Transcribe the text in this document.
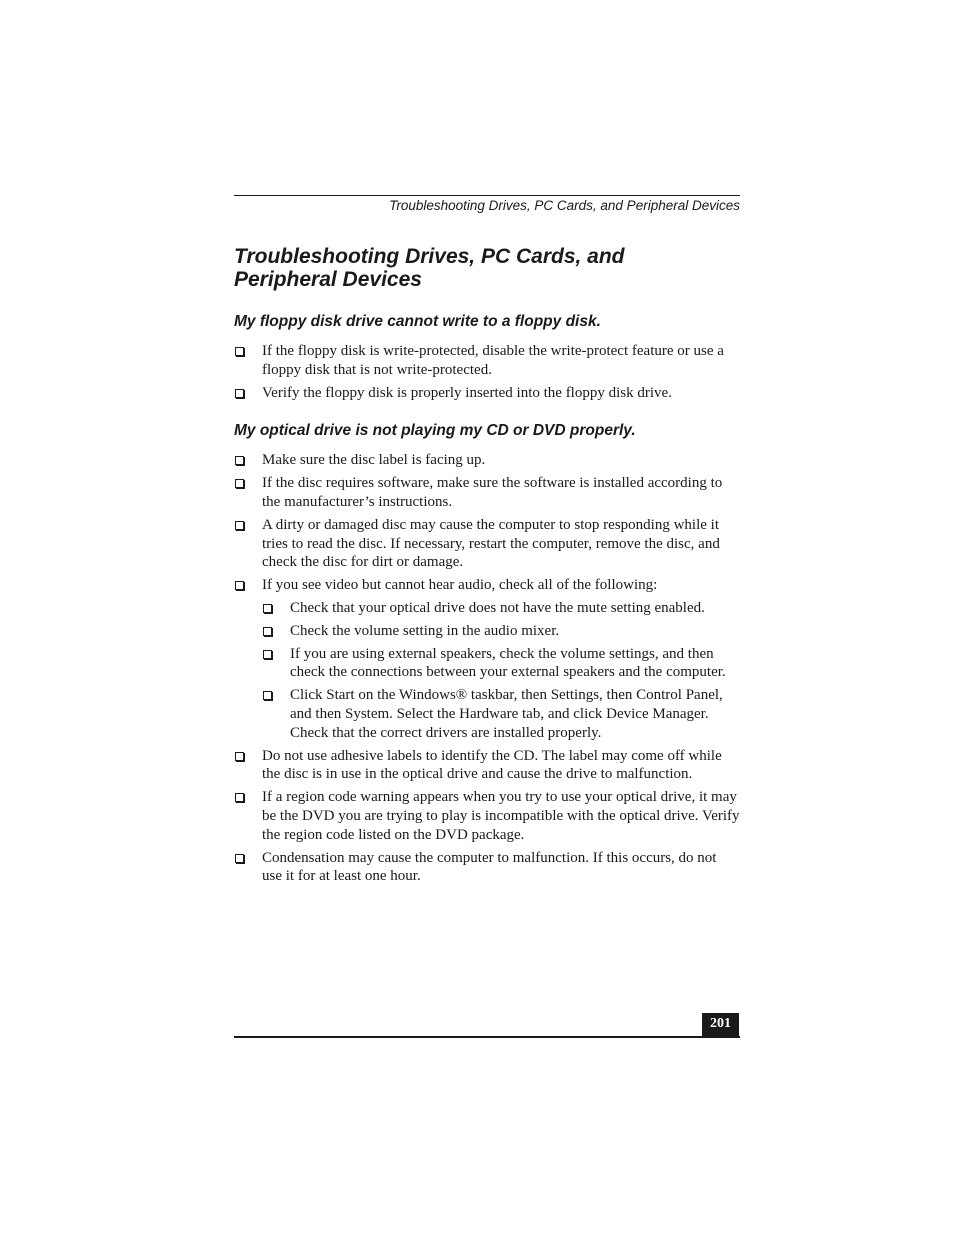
Troubleshooting Drives, PC Cards, and Peripheral Devices
Troubleshooting Drives, PC Cards, and
Peripheral Devices
My floppy disk drive cannot write to a floppy disk.
If the floppy disk is write-protected, disable the write-protect feature or use a floppy disk that is not write-protected.
Verify the floppy disk is properly inserted into the floppy disk drive.
My optical drive is not playing my CD or DVD properly.
Make sure the disc label is facing up.
If the disc requires software, make sure the software is installed according to the manufacturer’s instructions.
A dirty or damaged disc may cause the computer to stop responding while it tries to read the disc. If necessary, restart the computer, remove the disc, and check the disc for dirt or damage.
If you see video but cannot hear audio, check all of the following:
Check that your optical drive does not have the mute setting enabled.
Check the volume setting in the audio mixer.
If you are using external speakers, check the volume settings, and then check the connections between your external speakers and the computer.
Click Start on the Windows® taskbar, then Settings, then Control Panel, and then System. Select the Hardware tab, and click Device Manager. Check that the correct drivers are installed properly.
Do not use adhesive labels to identify the CD. The label may come off while the disc is in use in the optical drive and cause the drive to malfunction.
If a region code warning appears when you try to use your optical drive, it may be the DVD you are trying to play is incompatible with the optical drive. Verify the region code listed on the DVD package.
Condensation may cause the computer to malfunction. If this occurs, do not use it for at least one hour.
201
